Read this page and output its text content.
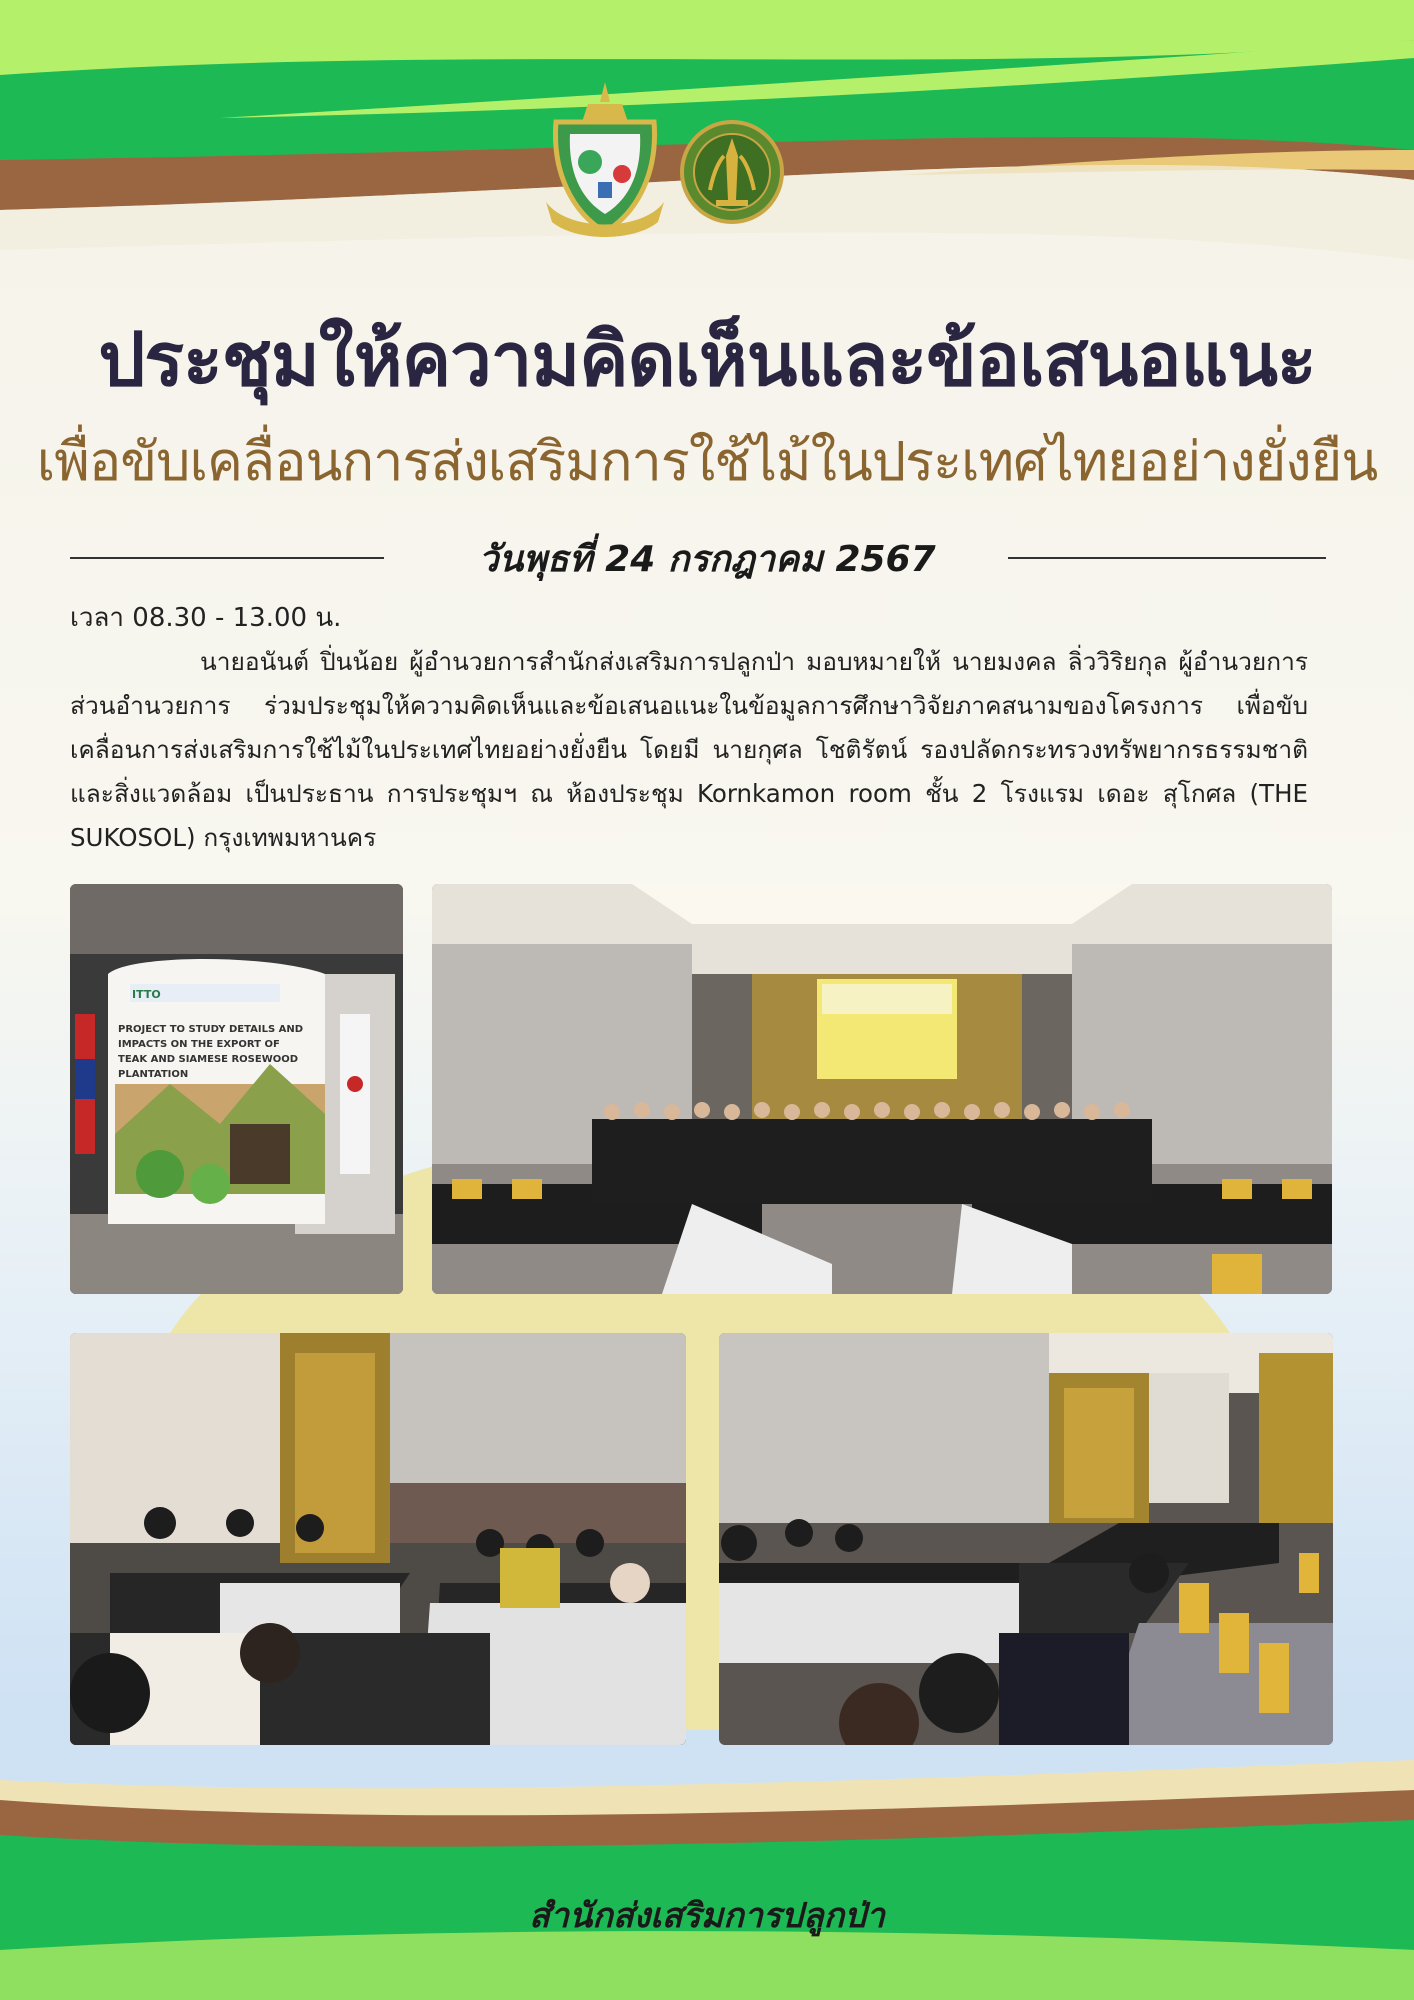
ประชุมให้ความคิดเห็นและข้อเสนอแนะ
เพื่อขับเคลื่อนการส่งเสริมการใช้ไม้ในประเทศไทยอย่างยั่งยืน
วันพุธที่ 24 กรกฎาคม 2567
เวลา 08.30 - 13.00 น.
นายอนันต์ ปิ่นน้อย ผู้อำนวยการสำนักส่งเสริมการปลูกป่า มอบหมายให้ นายมงคล ลิ่ววิริยกุล ผู้อำนวยการส่วนอำนวยการ ร่วมประชุมให้ความคิดเห็นและข้อเสนอแนะในข้อมูลการศึกษาวิจัยภาคสนามของโครงการ เพื่อขับเคลื่อนการส่งเสริมการใช้ไม้ในประเทศไทยอย่างยั่งยืน โดยมี นายกุศล โชติรัตน์ รองปลัดกระทรวงทรัพยากรธรรมชาติและสิ่งแวดล้อม เป็นประธาน การประชุมฯ ณ ห้องประชุม Kornkamon room ชั้น 2 โรงแรม เดอะ สุโกศล (THE SUKOSOL) กรุงเทพมหานคร
PROJECT TO STUDY DETAILS AND
IMPACTS ON THE EXPORT OF
TEAK AND SIAMESE ROSEWOOD
PLANTATION
ITTO
สำนักส่งเสริมการปลูกป่า
